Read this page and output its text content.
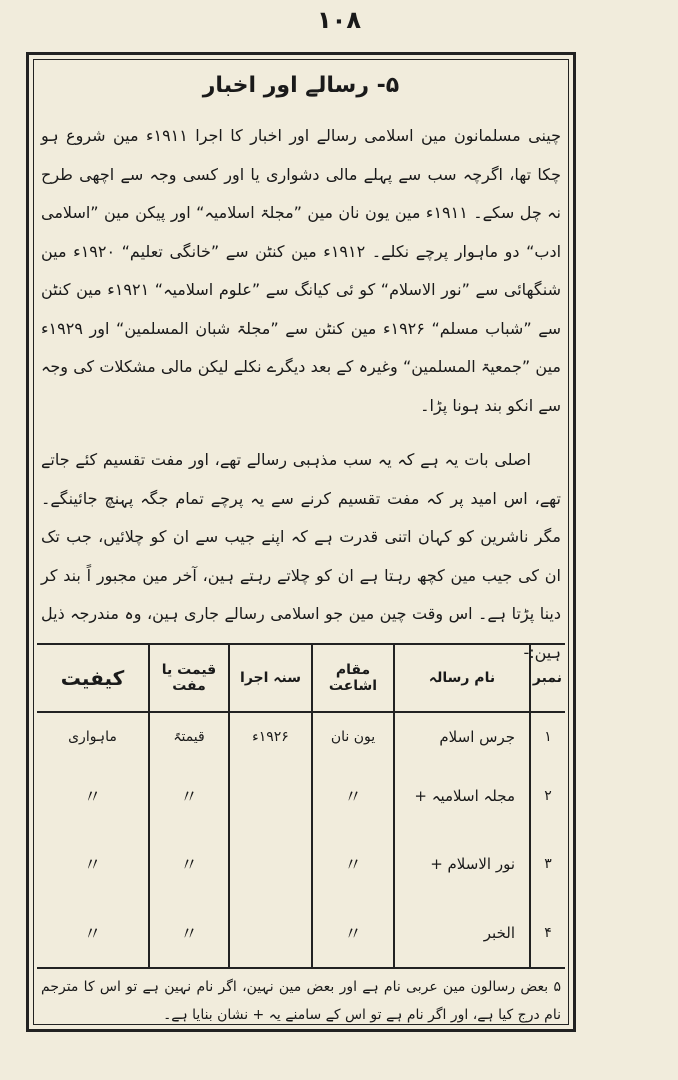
۱۰۸
۵- رسالے اور اخبار

چینی مسلمانون مین اسلامی رسالے اور اخبار کا اجرا ۱۹۱۱ء مین شروع ہو چکا تھا، اگرچہ سب سے پہلے مالی دشواری یا اور کسی وجہ سے اچھی طرح نہ چل سکے۔ ۱۹۱۱ء مین یون نان مین ”مجلۃ اسلامیہ“ اور پیکن مین ”اسلامی ادب“ دو ماہوار پرچے نکلے۔ ۱۹۱۲ء مین کنٹن سے ”خانگی تعلیم“ ۱۹۲۰ء مین شنگھائی سے ”نور الاسلام“ کو ئی کیانگ سے ”علوم اسلامیہ“ ۱۹۲۱ء مین کنٹن سے ”شباب مسلم“ ۱۹۲۶ء مین کنٹن سے ”مجلۃ شبان المسلمین“ اور ۱۹۲۹ء مین ”جمعیۃ المسلمین“ وغیرہ کے بعد دیگرے نکلے لیکن مالی مشکلات کی وجہ سے انکو بند ہونا پڑا۔

اصلی بات یہ ہے کہ یہ سب مذہبی رسالے تھے، اور مفت تقسیم کئے جاتے تھے، اس امید پر کہ مفت تقسیم کرنے سے یہ پرچے تمام جگہ پہنچ جائینگے۔ مگر ناشرین کو کہان اتنی قدرت ہے کہ اپنے جیب سے ان کو چلائیں، جب تک ان کی جیب مین کچھ رہتا ہے ان کو چلاتے رہتے ہین، آخر مین مجبور اً بند کر دینا پڑتا ہے۔ اس وقت چین مین جو اسلامی رسالے جاری ہین، وہ مندرجہ ذیل ہین:-

نمبر	نام رسالہ	مقام اشاعت	سنہ اجرا	قیمت یا مفت	کیفیت
۱	جرس اسلام	یون نان	۱۹۲۶ء	قیمتہً	ماہواری
۲	مجلہ اسلامیہ +	〃		〃	〃
۳	نور الاسلام +	〃		〃	〃
۴	الخبر	〃		〃	〃
۵ بعض رسالون مین عربی نام ہے اور بعض مین نہین، اگر نام نہین ہے تو اس کا مترجم نام درج کیا ہے، اور اگر نام ہے تو اس کے سامنے یہ + نشان بنایا ہے۔
